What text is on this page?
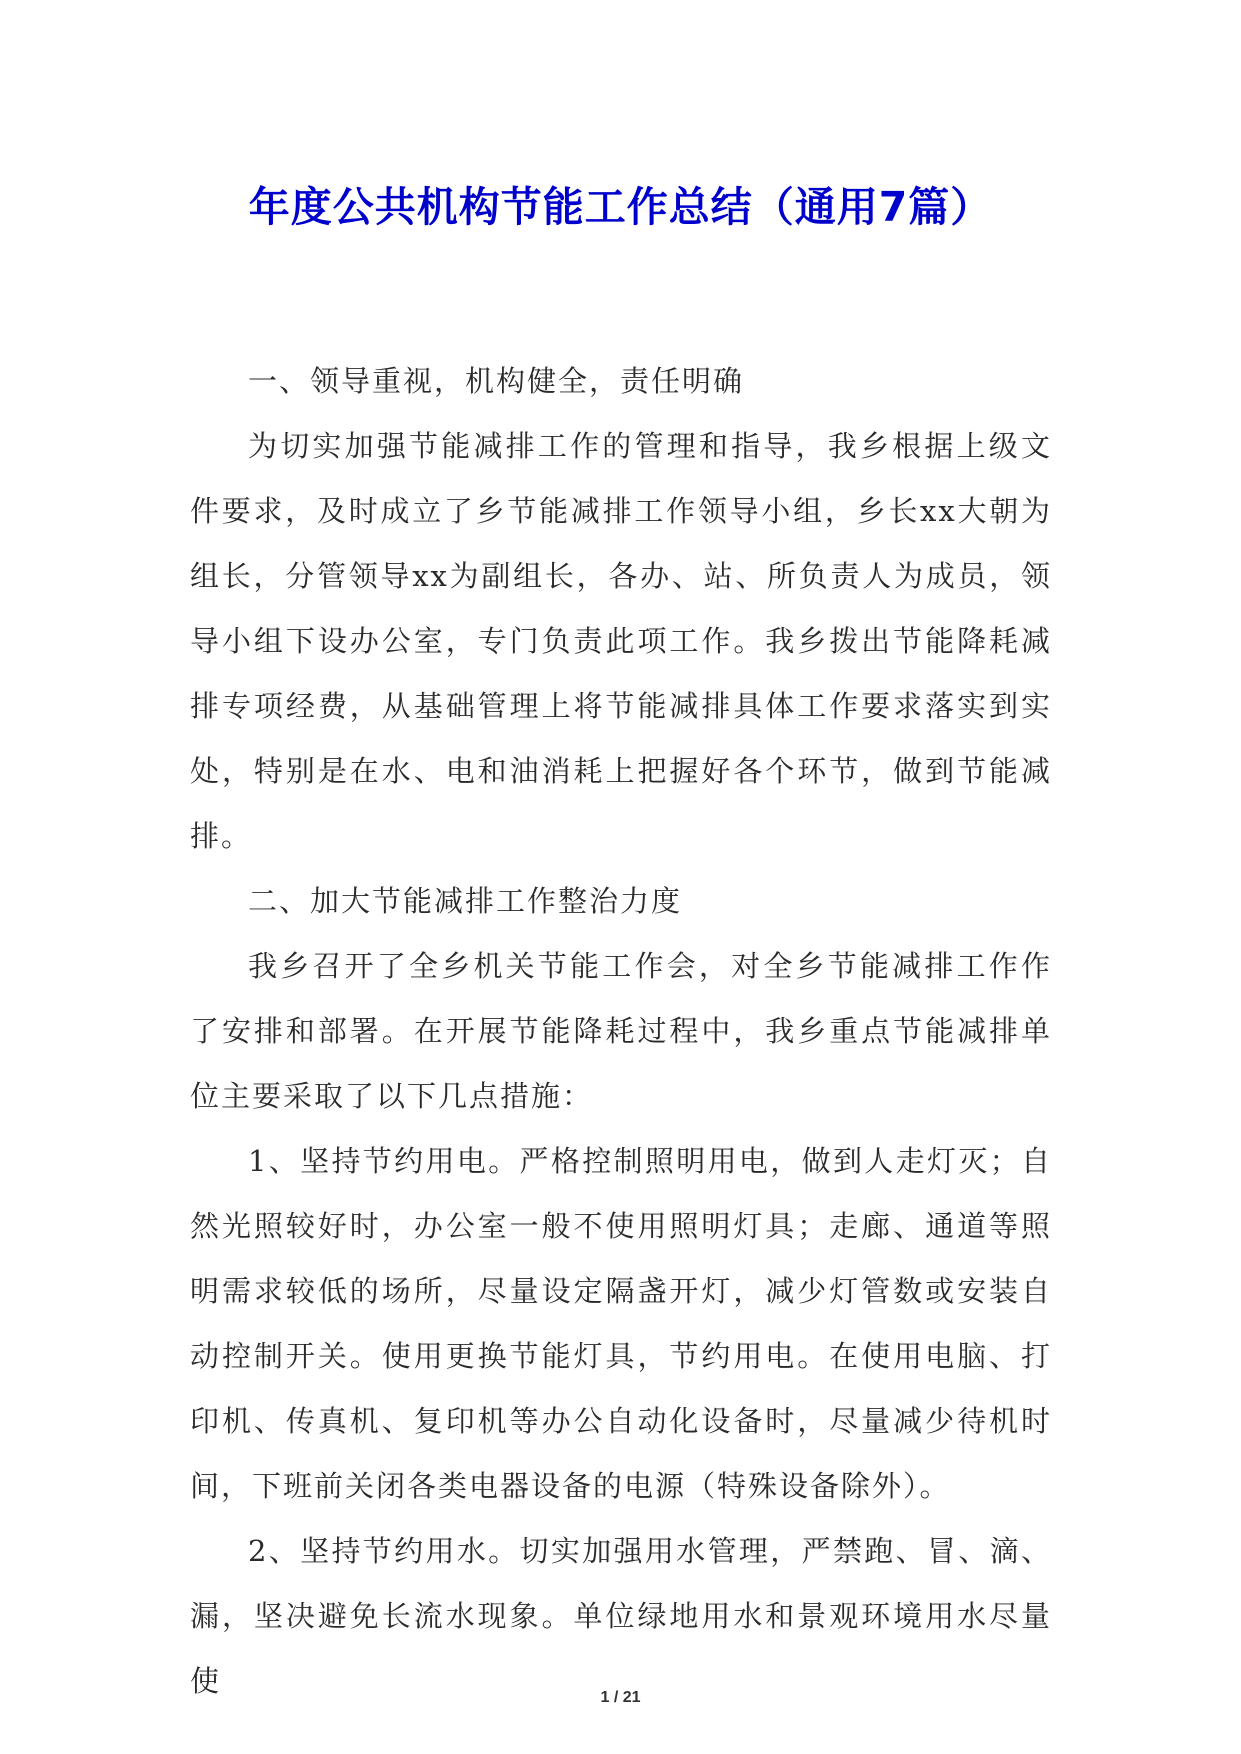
年度公共机构节能工作总结（通用7篇）

一、领导重视，机构健全，责任明确

为切实加强节能减排工作的管理和指导，我乡根据上级文件要求，及时成立了乡节能减排工作领导小组，乡长xx大朝为组长，分管领导xx为副组长，各办、站、所负责人为成员，领导小组下设办公室，专门负责此项工作。我乡拨出节能降耗减排专项经费，从基础管理上将节能减排具体工作要求落实到实处，特别是在水、电和油消耗上把握好各个环节，做到节能减排。

二、加大节能减排工作整治力度

我乡召开了全乡机关节能工作会，对全乡节能减排工作作了安排和部署。在开展节能降耗过程中，我乡重点节能减排单位主要采取了以下几点措施：

1、坚持节约用电。严格控制照明用电，做到人走灯灭；自然光照较好时，办公室一般不使用照明灯具；走廊、通道等照明需求较低的场所，尽量设定隔盏开灯，减少灯管数或安装自动控制开关。使用更换节能灯具，节约用电。在使用电脑、打印机、传真机、复印机等办公自动化设备时，尽量减少待机时间，下班前关闭各类电器设备的电源（特殊设备除外）。

2、坚持节约用水。切实加强用水管理，严禁跑、冒、滴、漏，坚决避免长流水现象。单位绿地用水和景观环境用水尽量使	1 / 21
